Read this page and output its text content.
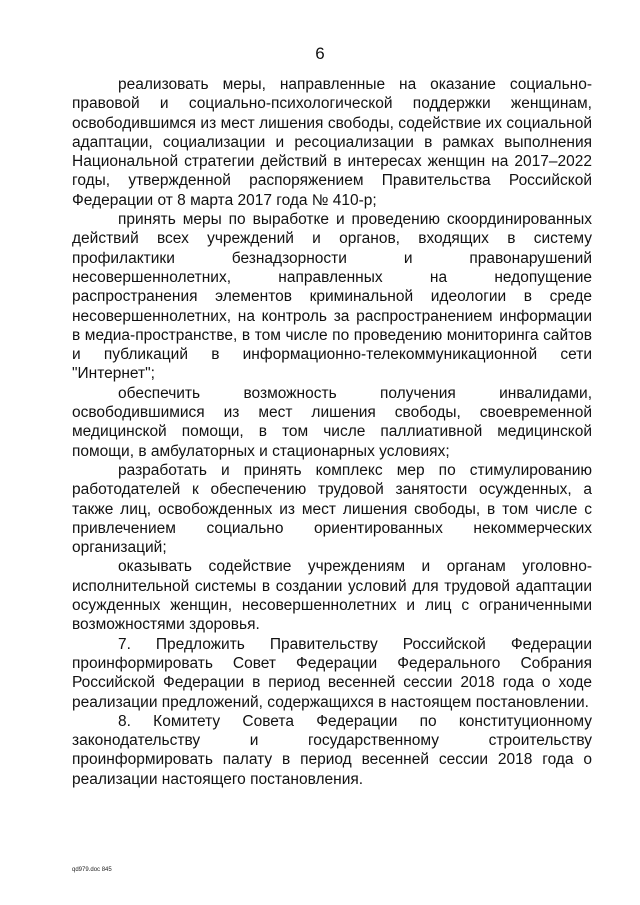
6

реализовать меры, направленные на оказание социально-правовой и социально-психологической поддержки женщинам, освободившимся из мест лишения свободы, содействие их социальной адаптации, социализации и ресоциализации в рамках выполнения Национальной стратегии действий в интересах женщин на 2017–2022 годы, утвержденной распоряжением Правительства Российской Федерации от 8 марта 2017 года № 410-р;

принять меры по выработке и проведению скоординированных действий всех учреждений и органов, входящих в систему профилактики безнадзорности и правонарушений несовершеннолетних, направленных на недопущение распространения элементов криминальной идеологии в среде несовершеннолетних, на контроль за распространением информации в медиа-пространстве, в том числе по проведению мониторинга сайтов и публикаций в информационно-телекоммуникационной сети "Интернет";

обеспечить возможность получения инвалидами, освободившимися из мест лишения свободы, своевременной медицинской помощи, в том числе паллиативной медицинской помощи, в амбулаторных и стационарных условиях;

разработать и принять комплекс мер по стимулированию работодателей к обеспечению трудовой занятости осужденных, а также лиц, освобожденных из мест лишения свободы, в том числе с привлечением социально ориентированных некоммерческих организаций;

оказывать содействие учреждениям и органам уголовно-исполнительной системы в создании условий для трудовой адаптации осужденных женщин, несовершеннолетних и лиц с ограниченными возможностями здоровья.

7. Предложить Правительству Российской Федерации проинформировать Совет Федерации Федерального Собрания Российской Федерации в период весенней сессии 2018 года о ходе реализации предложений, содержащихся в настоящем постановлении.

8. Комитету Совета Федерации по конституционному законодательству и государственному строительству проинформировать палату в период весенней сессии 2018 года о реализации настоящего постановления.

qd979.doc 845
